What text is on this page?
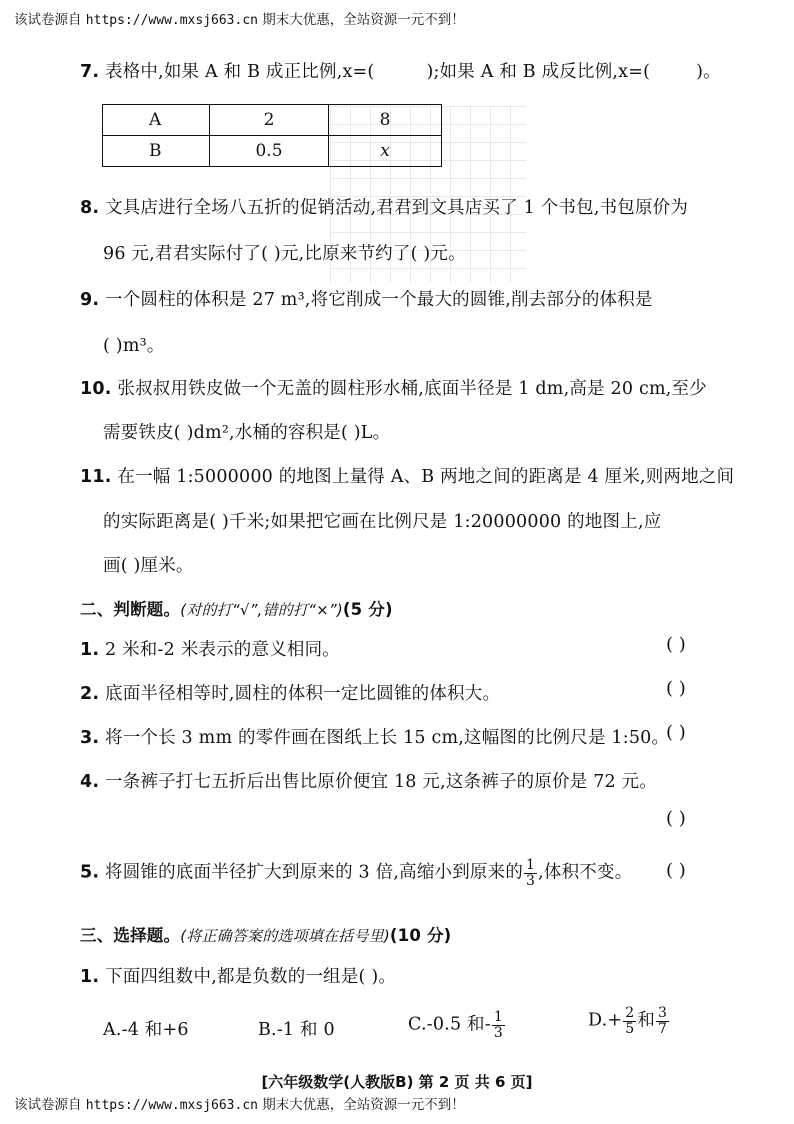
该试卷源自 https://www.mxsj663.cn 期末大优惠，全站资源一元不到！
7. 表格中,如果 A 和 B 成正比例,x=(	);如果 A 和 B 成反比例,x=(	)。
A	2	8
B	0.5	x
8. 文具店进行全场八五折的促销活动,君君到文具店买了 1 个书包,书包原价为
96 元,君君实际付了( )元,比原来节约了( )元。
9. 一个圆柱的体积是 27 m³,将它削成一个最大的圆锥,削去部分的体积是
( )m³。
10. 张叔叔用铁皮做一个无盖的圆柱形水桶,底面半径是 1 dm,高是 20 cm,至少
需要铁皮( )dm²,水桶的容积是( )L。
11. 在一幅 1:5000000 的地图上量得 A、B 两地之间的距离是 4 厘米,则两地之间
的实际距离是( )千米;如果把它画在比例尺是 1:20000000 的地图上,应
画( )厘米。
二、判断题。(对的打“√”,错的打“×”)(5 分)
1. 2 米和-2 米表示的意义相同。	( )
2. 底面半径相等时,圆柱的体积一定比圆锥的体积大。	( )
3. 将一个长 3 mm 的零件画在图纸上长 15 cm,这幅图的比例尺是 1:50。
( )
4. 一条裤子打七五折后出售比原价便宜 18 元,这条裤子的原价是 72 元。
( )
5. 将圆锥的底面半径扩大到原来的 3 倍,高缩小到原来的 $\frac{1}{3}$ ,体积不变。 ( )
三、选择题。(将正确答案的选项填在括号里)(10 分)
1. 下面四组数中,都是负数的一组是( )。
A.-4 和+6	B.-1 和 0	C.-0.5 和- $\frac{1}{3}$	$D.+ \frac{2}{5}$ 和 $\frac{3}{7}$
[六年级数学(人教版B) 第 2 页 共 6 页]
该试卷源自 https://www.mxsj663.cn 期末大优惠，全站资源一元不到！
